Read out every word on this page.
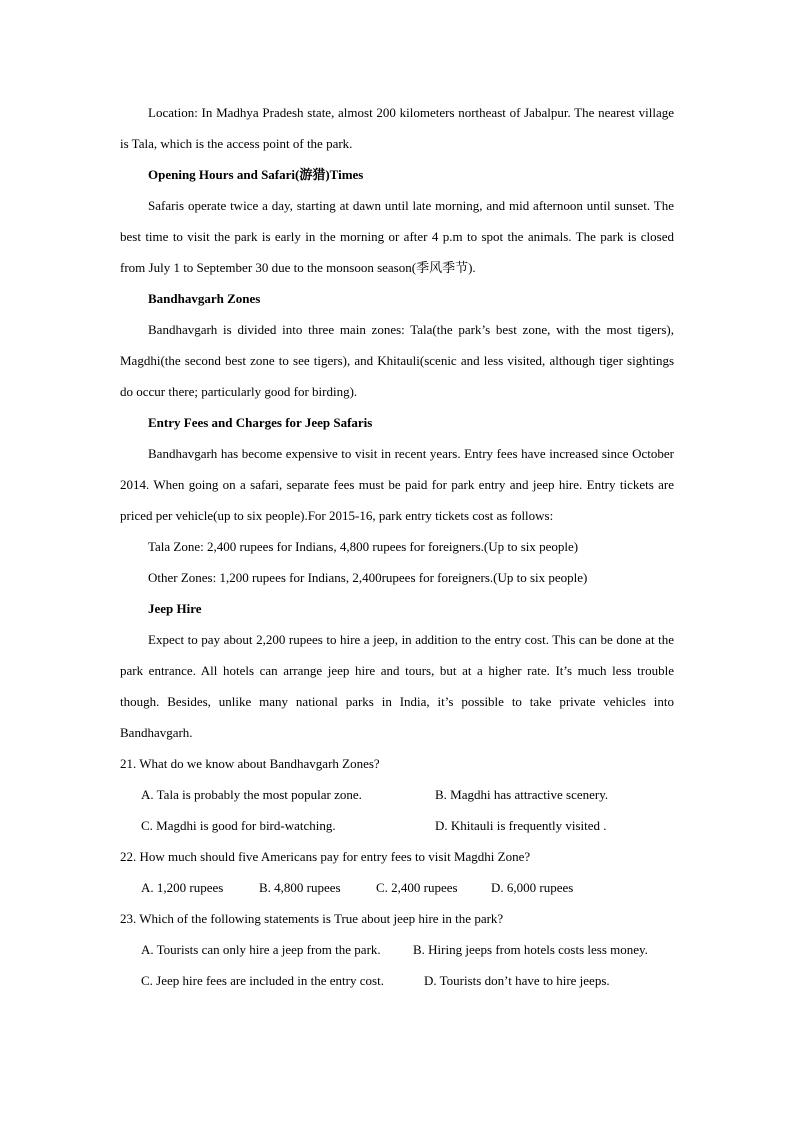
Location: In Madhya Pradesh state, almost 200 kilometers northeast of Jabalpur. The nearest village is Tala, which is the access point of the park.

Opening Hours and Safari(游猎)Times

Safaris operate twice a day, starting at dawn until late morning, and mid afternoon until sunset. The best time to visit the park is early in the morning or after 4 p.m to spot the animals. The park is closed from July 1 to September 30 due to the monsoon season(季风季节).

Bandhavgarh Zones

Bandhavgarh is divided into three main zones: Tala(the park’s best zone, with the most tigers), Magdhi(the second best zone to see tigers), and Khitauli(scenic and less visited, although tiger sightings do occur there; particularly good for birding).

Entry Fees and Charges for Jeep Safaris

Bandhavgarh has become expensive to visit in recent years. Entry fees have increased since October 2014. When going on a safari, separate fees must be paid for park entry and jeep hire. Entry tickets are priced per vehicle(up to six people).For 2015-16, park entry tickets cost as follows:

Tala Zone: 2,400 rupees for Indians, 4,800 rupees for foreigners.(Up to six people)

Other Zones: 1,200 rupees for Indians, 2,400rupees for foreigners.(Up to six people)

Jeep Hire

Expect to pay about 2,200 rupees to hire a jeep, in addition to the entry cost. This can be done at the park entrance. All hotels can arrange jeep hire and tours, but at a higher rate. It’s much less trouble though. Besides, unlike many national parks in India, it’s possible to take private vehicles into Bandhavgarh.

21. What do we know about Bandhavgarh Zones?

A. Tala is probably the most popular zone.	B. Magdhi has attractive scenery.
C. Magdhi is good for bird-watching.	D. Khitauli is frequently visited .

22. How much should five Americans pay for entry fees to visit Magdhi Zone?

A. 1,200 rupees	B. 4,800 rupees	C. 2,400 rupees	D. 6,000 rupees

23. Which of the following statements is True about jeep hire in the park?

A. Tourists can only hire a jeep from the park.	B. Hiring jeeps from hotels costs less money.
C. Jeep hire fees are included in the entry cost.	D. Tourists don’t have to hire jeeps.
